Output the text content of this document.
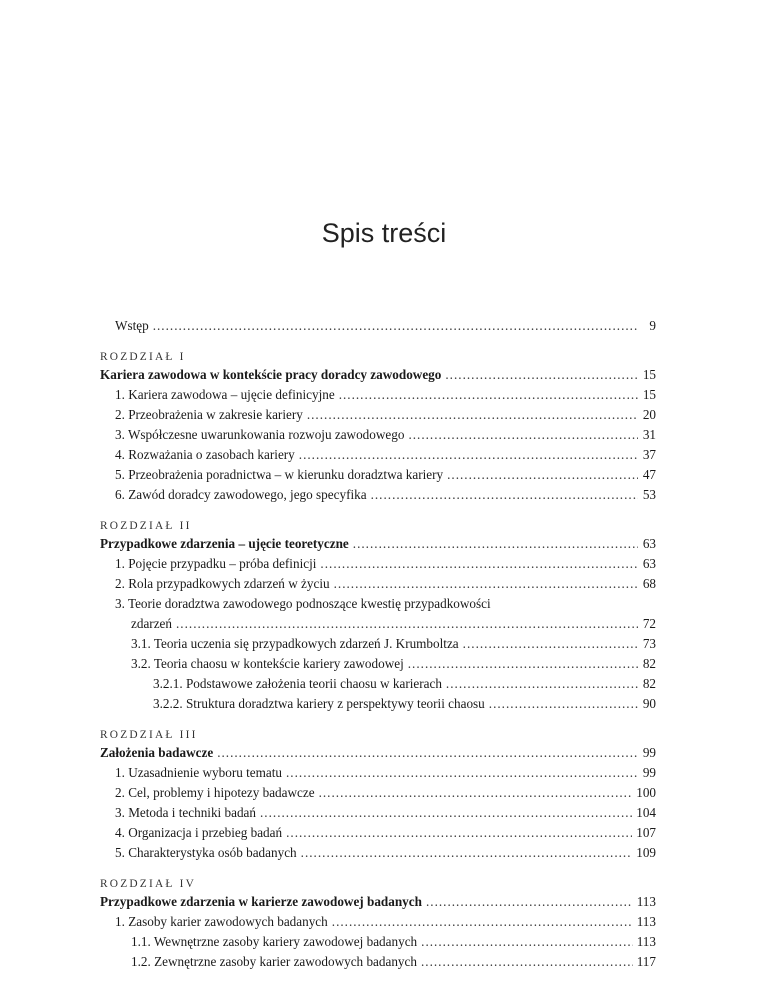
Spis treści
Wstęp .....	9
ROZDZIAŁ I
Kariera zawodowa w kontekście pracy doradcy zawodowego .....	15
1. Kariera zawodowa – ujęcie definicyjne .....	15
2. Przeobrażenia w zakresie kariery .....	20
3. Współczesne uwarunkowania rozwoju zawodowego .....	31
4. Rozważania o zasobach kariery .....	37
5. Przeobrażenia poradnictwa – w kierunku doradztwa kariery .....	47
6. Zawód doradcy zawodowego, jego specyfika .....	53
ROZDZIAŁ II
Przypadkowe zdarzenia – ujęcie teoretyczne .....	63
1. Pojęcie przypadku – próba definicji .....	63
2. Rola przypadkowych zdarzeń w życiu .....	68
3. Teorie doradztwa zawodowego podnoszące kwestię przypadkowości
zdarzeń .....	72
3.1. Teoria uczenia się przypadkowych zdarzeń J. Krumboltza .....	73
3.2. Teoria chaosu w kontekście kariery zawodowej .....	82
3.2.1. Podstawowe założenia teorii chaosu w karierach .....	82
3.2.2. Struktura doradztwa kariery z perspektywy teorii chaosu .....	90
ROZDZIAŁ III
Założenia badawcze .....	99
1. Uzasadnienie wyboru tematu .....	99
2. Cel, problemy i hipotezy badawcze .....	100
3. Metoda i techniki badań .....	104
4. Organizacja i przebieg badań .....	107
5. Charakterystyka osób badanych .....	109
ROZDZIAŁ IV
Przypadkowe zdarzenia w karierze zawodowej badanych .....	113
1. Zasoby karier zawodowych badanych .....	113
1.1. Wewnętrzne zasoby kariery zawodowej badanych .....	113
1.2. Zewnętrzne zasoby karier zawodowych badanych .....	117
